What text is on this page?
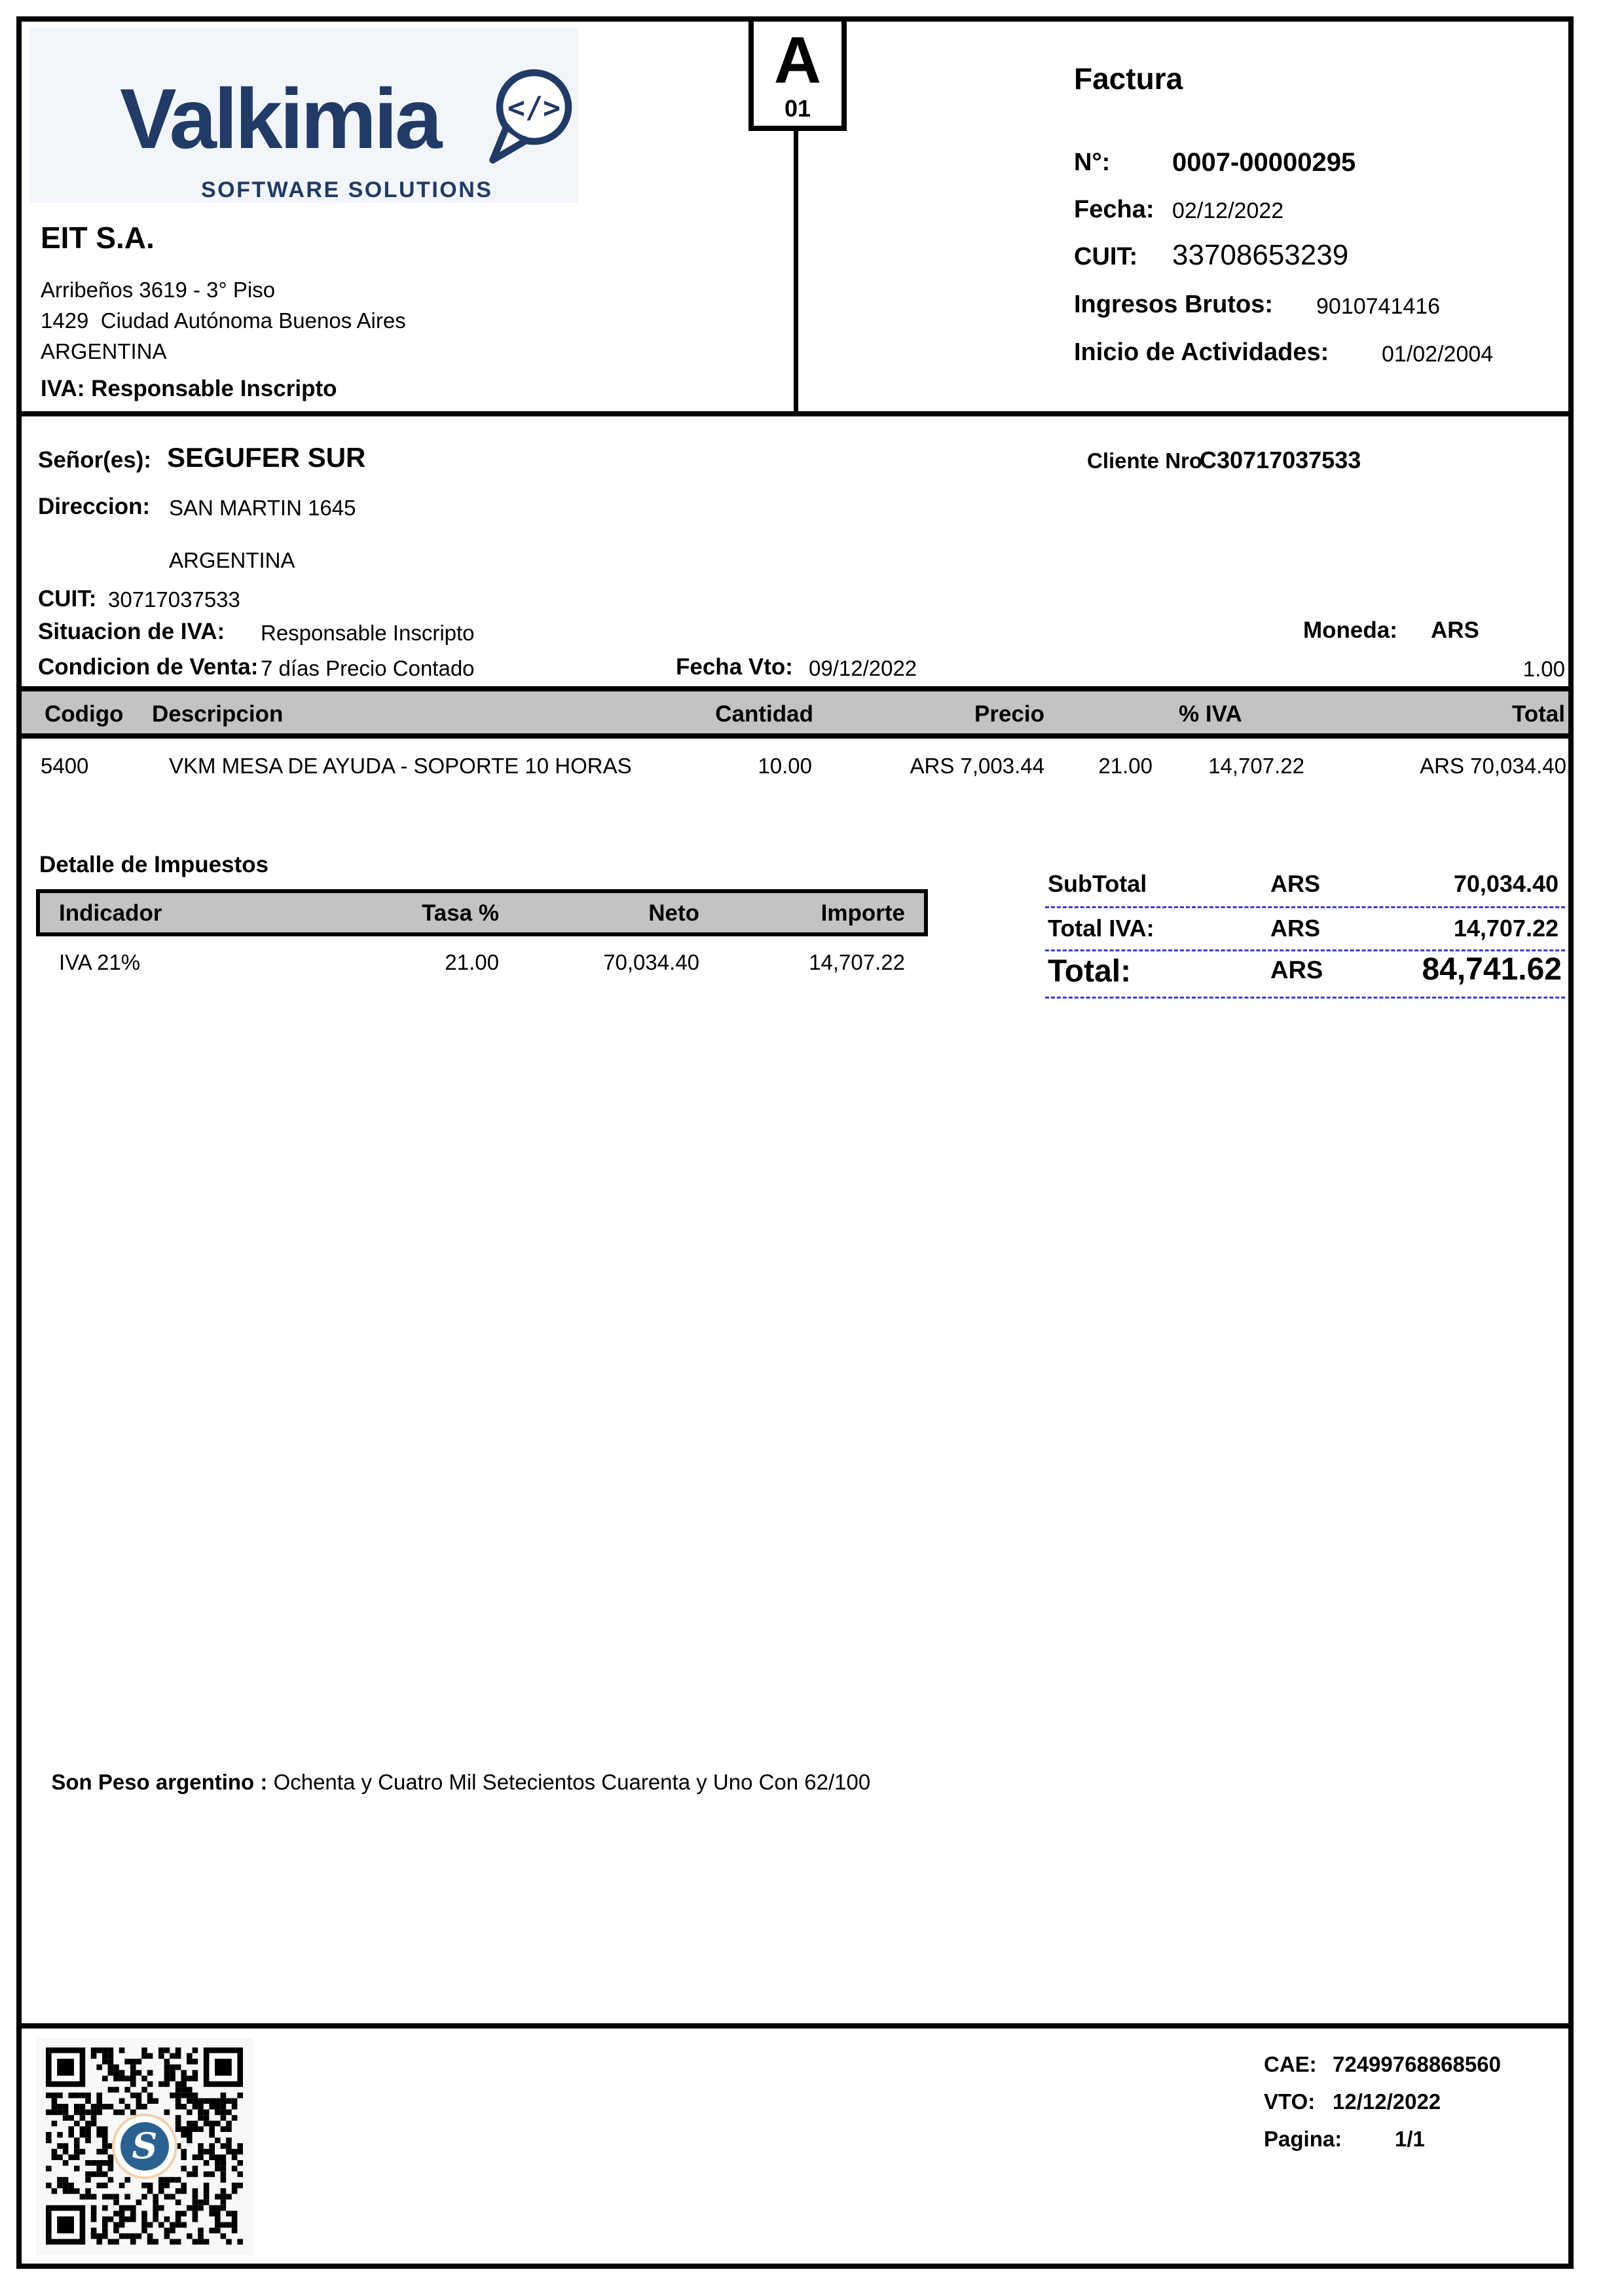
Valkimia
SOFTWARE SOLUTIONS
</>
EIT S.A.
Arribeños 3619 - 3° Piso
1429  Ciudad Autónoma Buenos Aires
ARGENTINA
IVA: Responsable Inscripto
A
01
Factura
N°: 0007-00000295
Fecha: 02/12/2022
CUIT: 33708653239
Ingresos Brutos: 9010741416
Inicio de Actividades: 01/02/2004
Señor(es): SEGUFER SUR	Cliente Nro
C30717037533
Direccion: SAN MARTIN 1645
ARGENTINA
CUIT: 30717037533
Situacion de IVA: Responsable Inscripto	Moneda: ARS
Condicion de Venta: 7 días Precio Contado	Fecha Vto: 09/12/2022	1.00
Codigo Descripcion	Cantidad	Precio	% IVA	Total
5400	VKM MESA DE AYUDA - SOPORTE 10 HORAS	10.00	ARS 7,003.44 21.00	14,707.22	ARS 70,034.40
Detalle de Impuestos
Indicador	Tasa %	Neto	Importe
IVA 21%	21.00	70,034.40	14,707.22
SubTotal	ARS	70,034.40
Total IVA:	ARS	14,707.22
Total:	ARS	84,741.62

Son Peso argentino : Ochenta y Cuatro Mil Setecientos Cuarenta y Uno Con 62/100

S
CAE: 72499768868560
VTO: 12/12/2022
Pagina: 1/1
